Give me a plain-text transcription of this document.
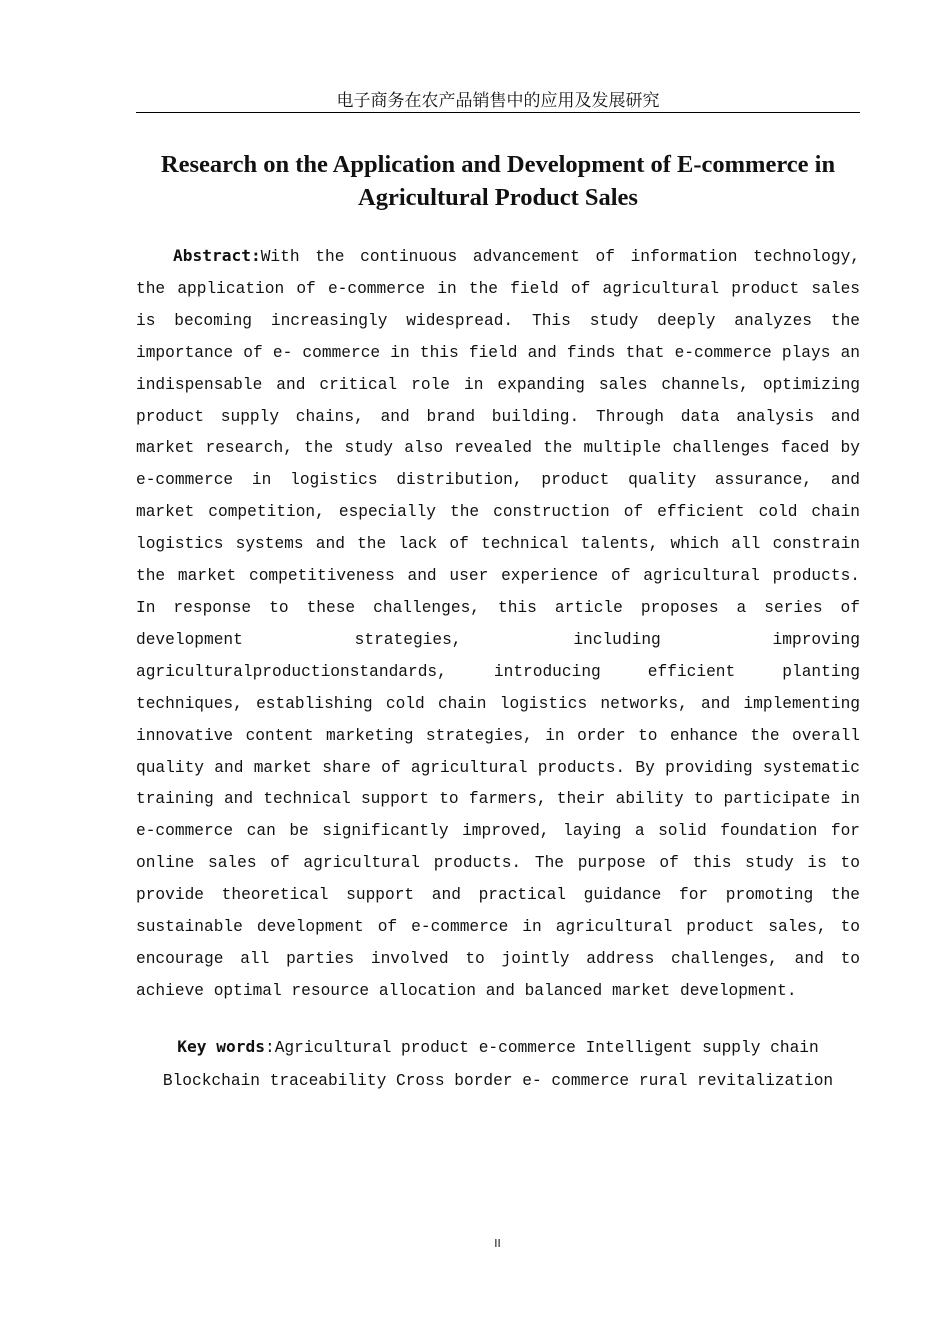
电子商务在农产品销售中的应用及发展研究
Research on the Application and Development of E-commerce in Agricultural Product Sales

Abstract:With the continuous advancement of information technology, the application of e-commerce in the field of agricultural product sales is becoming increasingly widespread. This study deeply analyzes the importance of e- commerce in this field and finds that e-commerce plays an indispensable and critical role in expanding sales channels, optimizing product supply chains, and brand building. Through data analysis and market research, the study also revealed the multiple challenges faced by e-commerce in logistics distribution, product quality assurance, and market competition, especially the construction of efficient cold chain logistics systems and the lack of technical talents, which all constrain the market competitiveness and user experience of agricultural products. In response to these challenges, this article proposes a series of development strategies, including improving agriculturalproductionstandards, introducing efficient planting techniques, establishing cold chain logistics networks, and implementing innovative content marketing strategies, in order to enhance the overall quality and market share of agricultural products. By providing systematic training and technical support to farmers, their ability to participate in e-commerce can be significantly improved, laying a solid foundation for online sales of agricultural products. The purpose of this study is to provide theoretical support and practical guidance for promoting the sustainable development of e-commerce in agricultural product sales, to encourage all parties involved to jointly address challenges, and to achieve optimal resource allocation and balanced market development.

Key words:Agricultural product e-commerce Intelligent supply chain Blockchain traceability Cross border e- commerce rural revitalization

II
